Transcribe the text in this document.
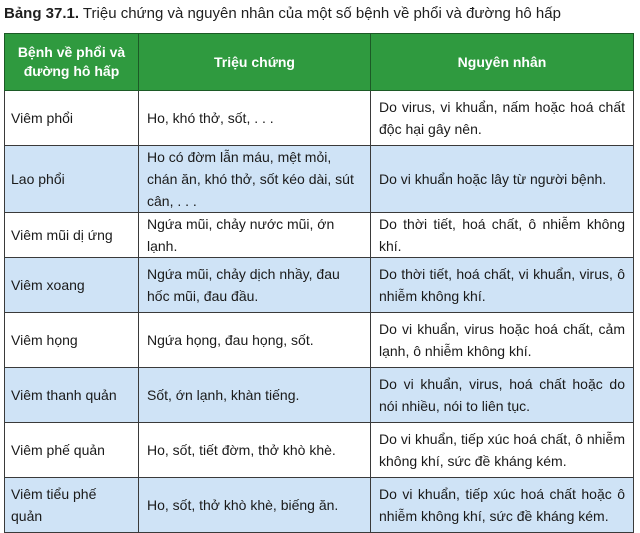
Bảng 37.1. Triệu chứng và nguyên nhân của một số bệnh về phổi và đường hô hấp
Bệnh về phổi và đường hô hấp	Triệu chứng	Nguyên nhân
Viêm phổi	Ho, khó thở, sốt, . . .	Do virus, vi khuẩn, nấm hoặc hoá chất độc hại gây nên.
Lao phổi	Ho có đờm lẫn máu, mệt mỏi, chán ăn, khó thở, sốt kéo dài, sút cân, . . .	Do vi khuẩn hoặc lây từ người bệnh.
Viêm mũi dị ứng	Ngứa mũi, chảy nước mũi, ớn lạnh.	Do thời tiết, hoá chất, ô nhiễm không khí.
Viêm xoang	Ngứa mũi, chảy dịch nhầy, đau hốc mũi, đau đầu.	Do thời tiết, hoá chất, vi khuẩn, virus, ô nhiễm không khí.
Viêm họng	Ngứa họng, đau họng, sốt.	Do vi khuẩn, virus hoặc hoá chất, cảm lạnh, ô nhiễm không khí.
Viêm thanh quản	Sốt, ớn lạnh, khàn tiếng.	Do vi khuẩn, virus, hoá chất hoặc do nói nhiều, nói to liên tục.
Viêm phế quản	Ho, sốt, tiết đờm, thở khò khè.	Do vi khuẩn, tiếp xúc hoá chất, ô nhiễm không khí, sức đề kháng kém.
Viêm tiểu phế quản	Ho, sốt, thở khò khè, biếng ăn.	Do vi khuẩn, tiếp xúc hoá chất hoặc ô nhiễm không khí, sức đề kháng kém.
